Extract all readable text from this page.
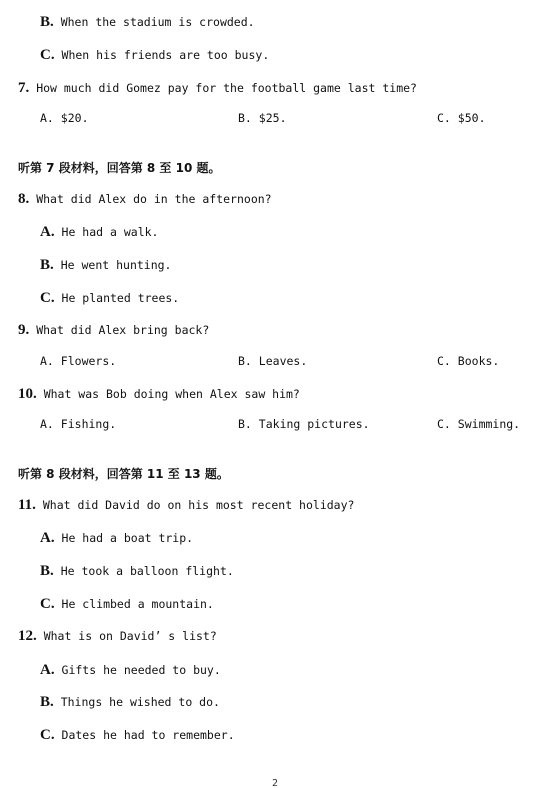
B. When the stadium is crowded.
C. When his friends are too busy.
7. How much did Gomez pay for the football game last time?
A. $20.	B. $25.	C. $50.
听第 7 段材料，回答第 8 至 10 题。
8. What did Alex do in the afternoon?
A. He had a walk.
B. He went hunting.
C. He planted trees.
9. What did Alex bring back?
A. Flowers.	B. Leaves.	C. Books.
10. What was Bob doing when Alex saw him?
A. Fishing.	B. Taking pictures.	C. Swimming.
听第 8 段材料，回答第 11 至 13 题。
11. What did David do on his most recent holiday?
A. He had a boat trip.
B. He took a balloon flight.
C. He climbed a mountain.
12. What is on David’ s list?
A. Gifts he needed to buy.
B. Things he wished to do.
C. Dates he had to remember.
2
